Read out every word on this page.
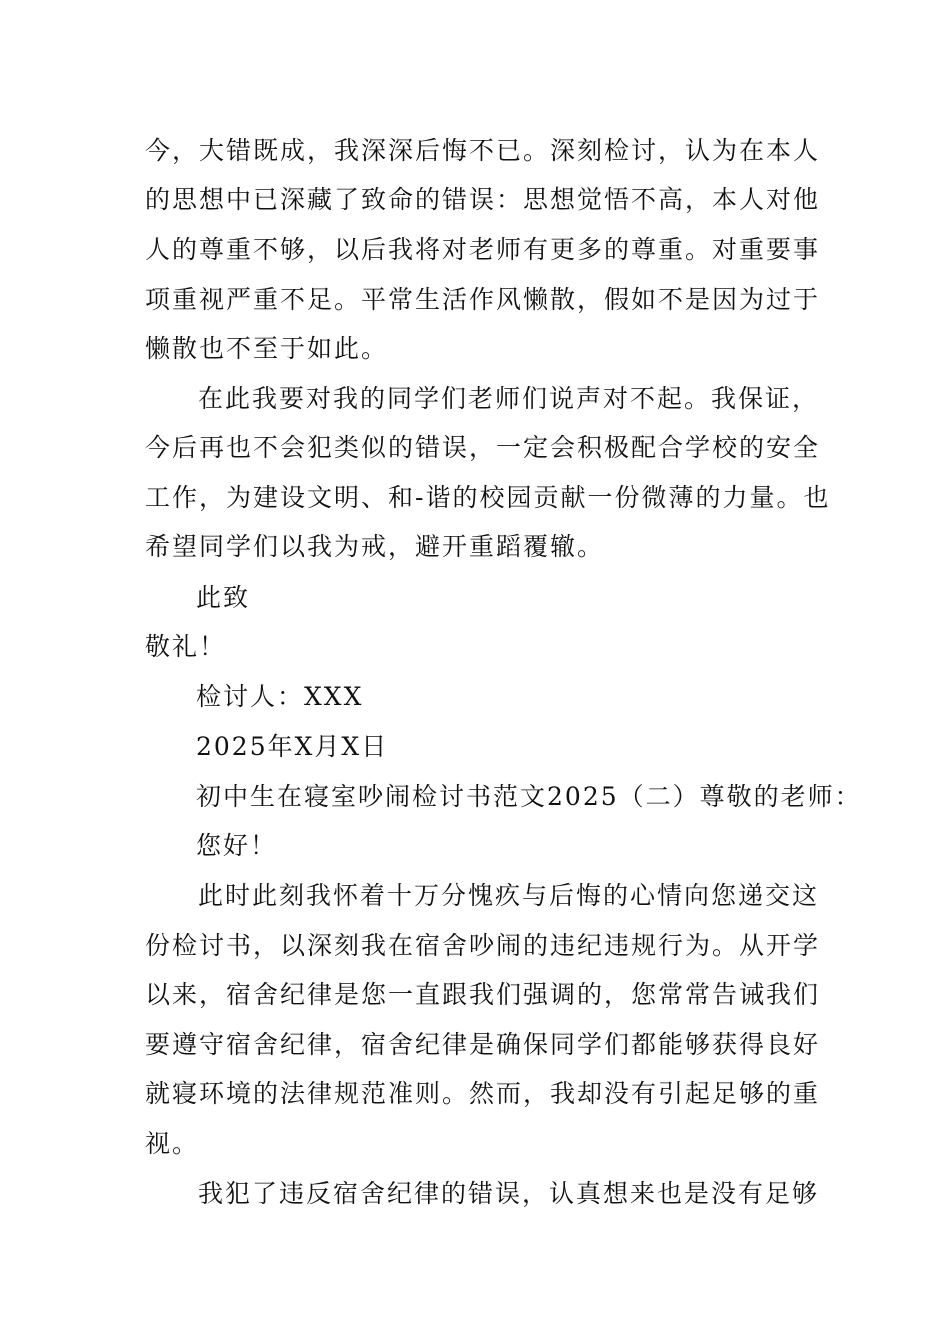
今，大错既成，我深深后悔不已。深刻检讨，认为在本人
的思想中已深藏了致命的错误：思想觉悟不高，本人对他
人的尊重不够，以后我将对老师有更多的尊重。对重要事
项重视严重不足。平常生活作风懒散，假如不是因为过于
懒散也不至于如此。
在此我要对我的同学们老师们说声对不起。我保证，
今后再也不会犯类似的错误，一定会积极配合学校的安全
工作，为建设文明、和-谐的校园贡献一份微薄的力量。也
希望同学们以我为戒，避开重蹈覆辙。
此致
敬礼！
检讨人：XXX
2025年X月X日
初中生在寝室吵闹检讨书范文2025（二）尊敬的老师：
您好！
此时此刻我怀着十万分愧疚与后悔的心情向您递交这
份检讨书，以深刻我在宿舍吵闹的违纪违规行为。从开学
以来，宿舍纪律是您一直跟我们强调的，您常常告诫我们
要遵守宿舍纪律，宿舍纪律是确保同学们都能够获得良好
就寝环境的法律规范准则。然而，我却没有引起足够的重
视。
我犯了违反宿舍纪律的错误，认真想来也是没有足够
